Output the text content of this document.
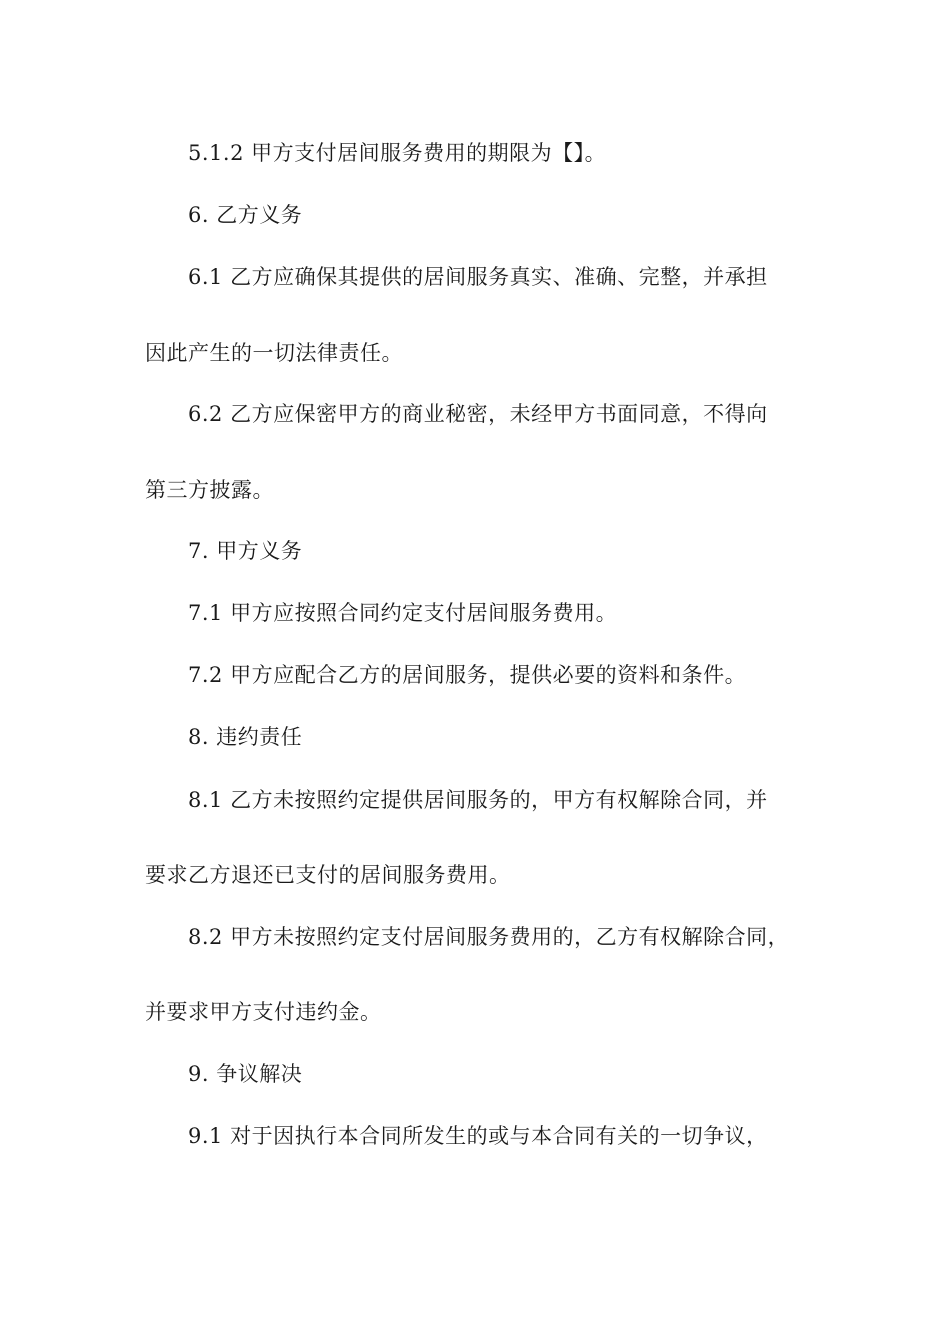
5.1.2 甲方支付居间服务费用的期限为【】。
6. 乙方义务
6.1 乙方应确保其提供的居间服务真实、准确、完整，并承担
因此产生的一切法律责任。
6.2 乙方应保密甲方的商业秘密，未经甲方书面同意，不得向
第三方披露。
7. 甲方义务
7.1 甲方应按照合同约定支付居间服务费用。
7.2 甲方应配合乙方的居间服务，提供必要的资料和条件。
8. 违约责任
8.1 乙方未按照约定提供居间服务的，甲方有权解除合同，并
要求乙方退还已支付的居间服务费用。
8.2 甲方未按照约定支付居间服务费用的，乙方有权解除合同，
并要求甲方支付违约金。
9. 争议解决
9.1 对于因执行本合同所发生的或与本合同有关的一切争议，
